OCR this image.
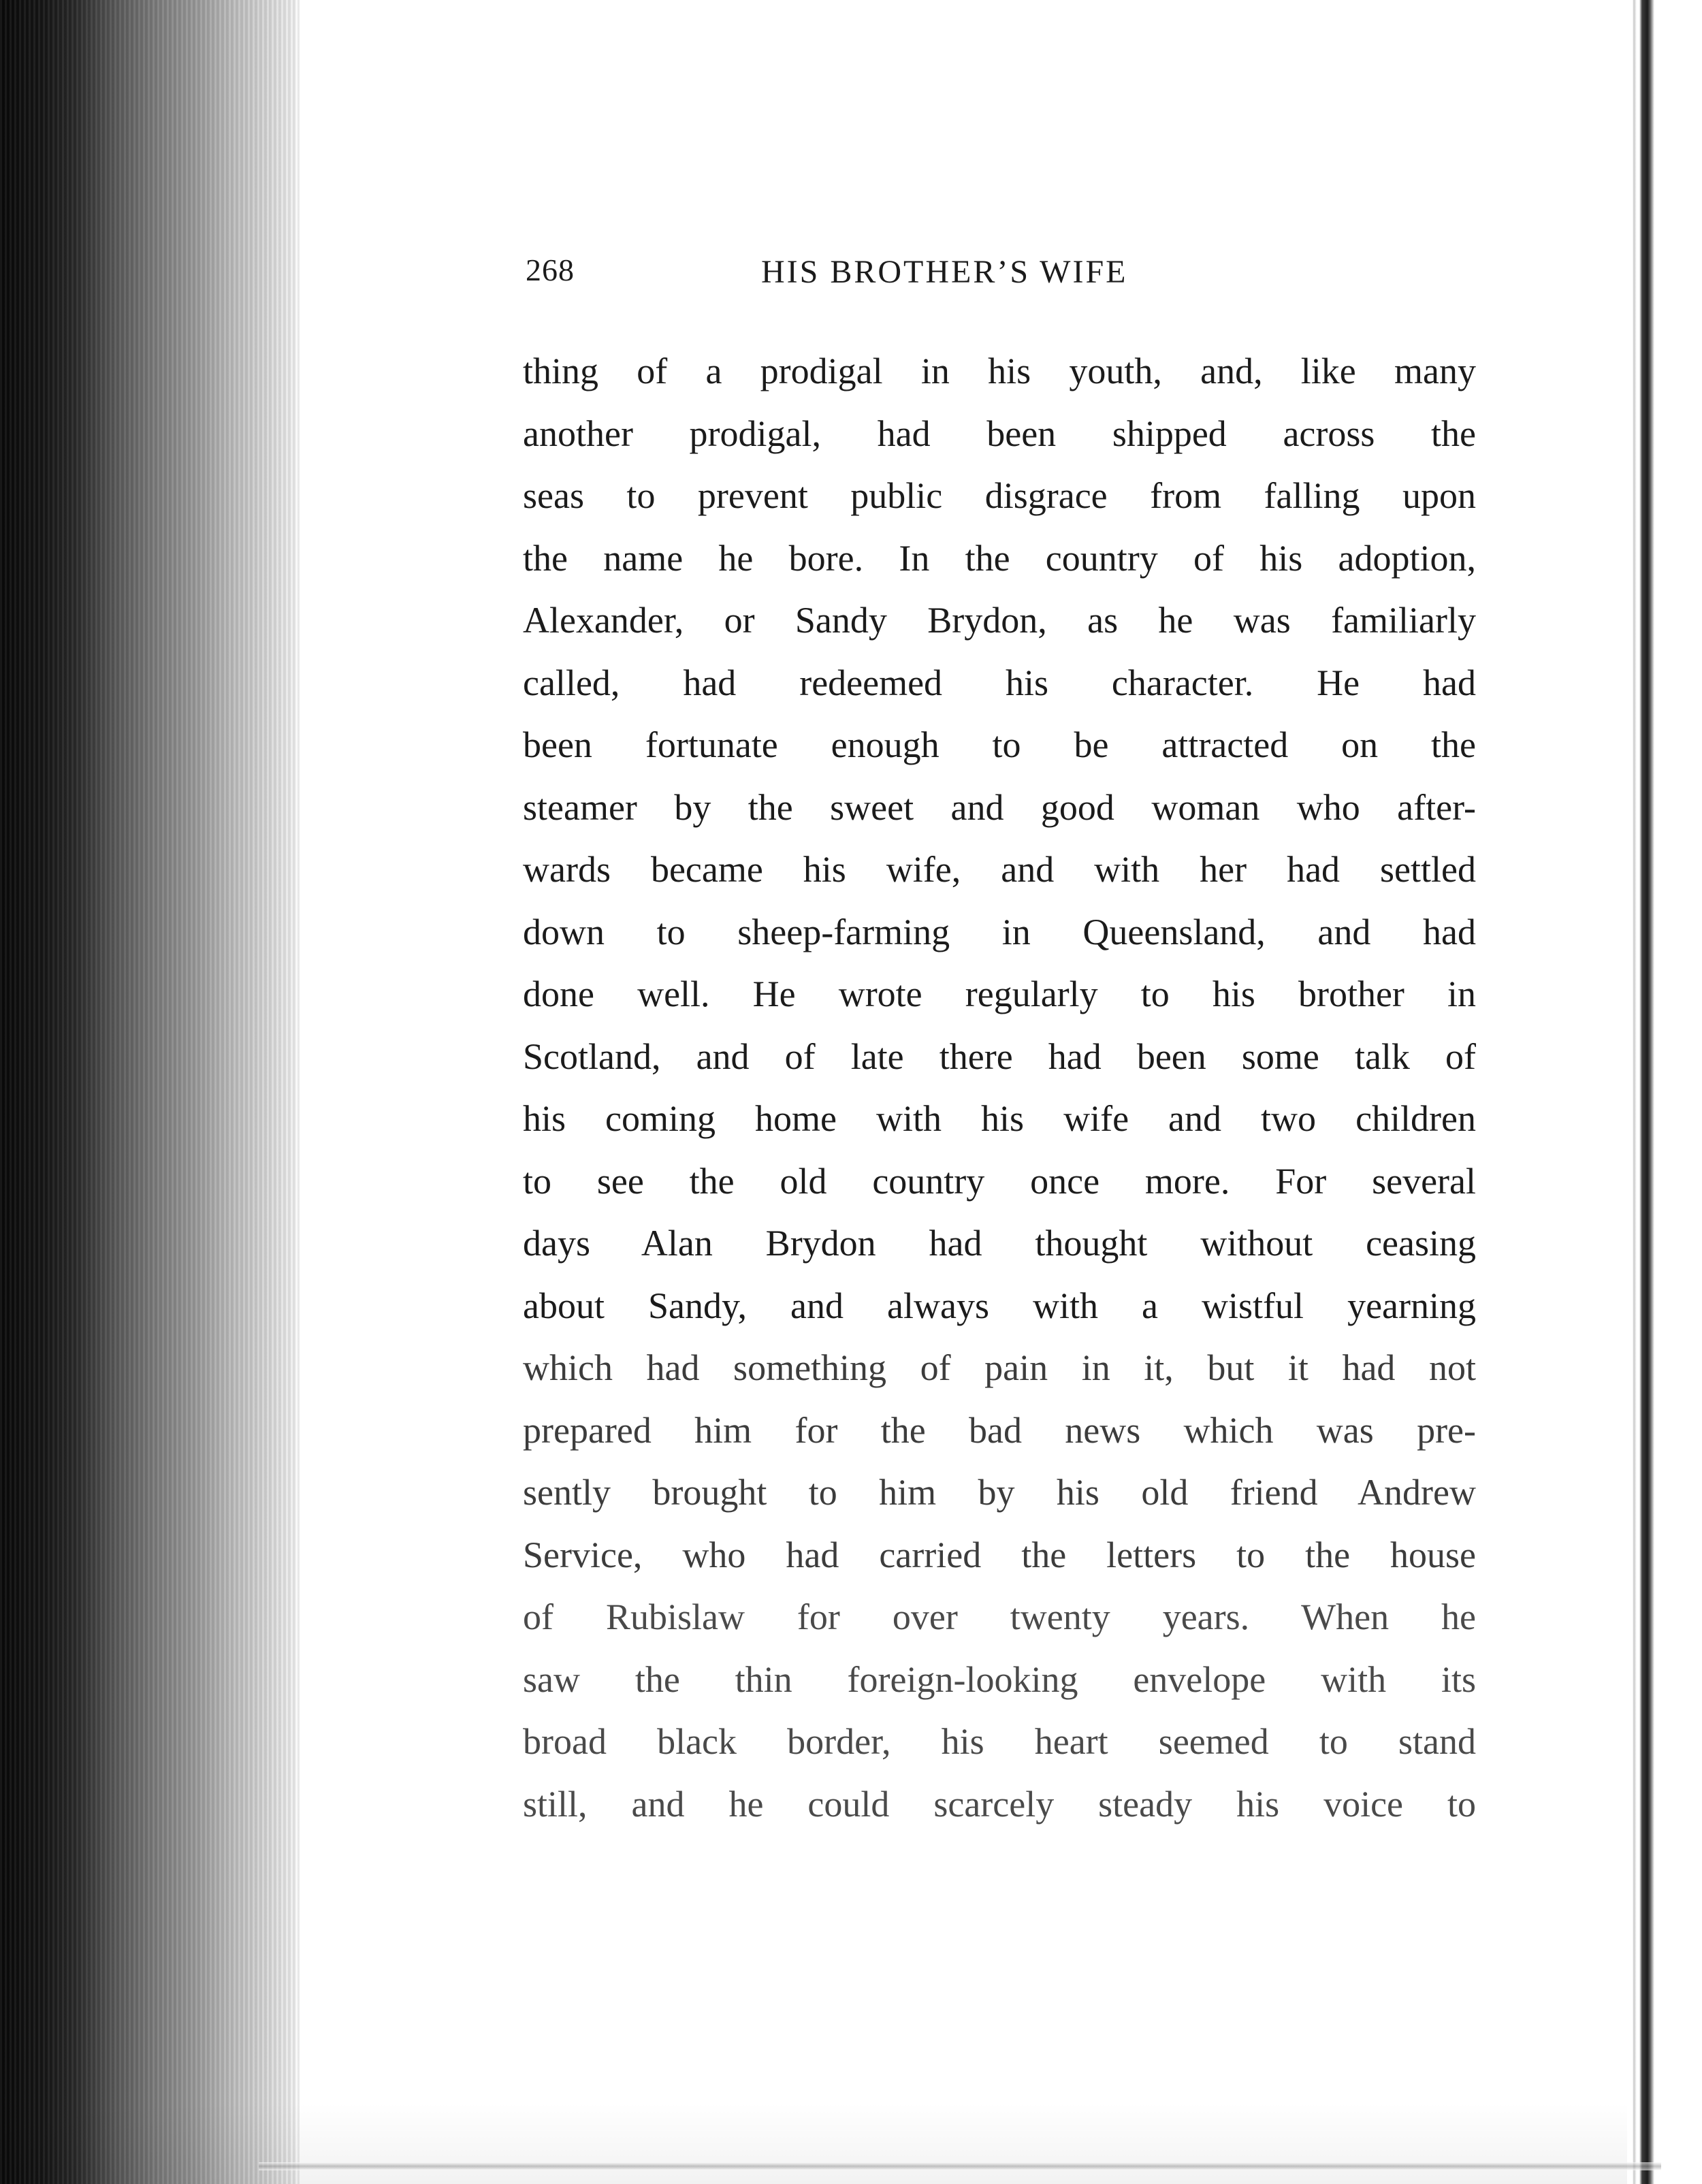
268	HIS BROTHER’S WIFE
thing of a prodigal in his youth, and, like many
another prodigal, had been shipped across the
seas to prevent public disgrace from falling upon
the name he bore. In the country of his adoption,
Alexander, or Sandy Brydon, as he was familiarly
called, had redeemed his character. He had
been fortunate enough to be attracted on the
steamer by the sweet and good woman who after-
wards became his wife, and with her had settled
down to sheep-farming in Queensland, and had
done well. He wrote regularly to his brother in
Scotland, and of late there had been some talk of
his coming home with his wife and two children
to see the old country once more. For several
days Alan Brydon had thought without ceasing
about Sandy, and always with a wistful yearning
which had something of pain in it, but it had not
prepared him for the bad news which was pre-
sently brought to him by his old friend Andrew
Service, who had carried the letters to the house
of Rubislaw for over twenty years. When he
saw the thin foreign-looking envelope with its
broad black border, his heart seemed to stand
still, and he could scarcely steady his voice to
